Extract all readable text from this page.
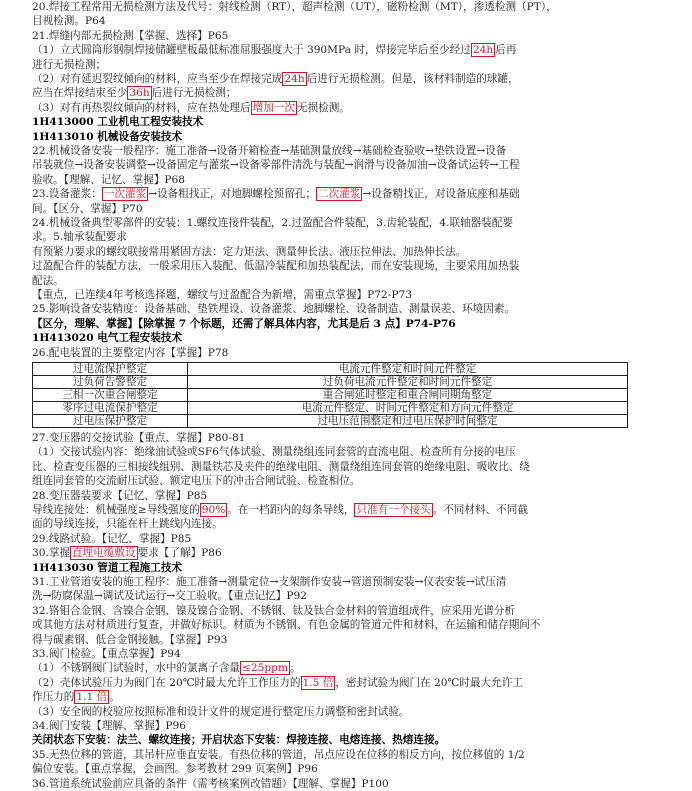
20.焊接工程常用无损检测方法及代号：射线检测（RT），超声检测（UT），磁粉检测（MT），渗透检测（PT），
目视检测。P64
21.焊缝内部无损检测【掌握、选择】P65
（1）立式圆筒形钢制焊接储罐壁板最低标准屈服强度大于 390MPa 时，焊接完毕后至少经过 24h 后再
进行无损检测；
（2）对有延迟裂纹倾向的材料，应当至少在焊接完成 24h 后进行无损检测。但是，该材料制造的球罐，
应当在焊接结束至少 36h 后进行无损检测；
（3）对有再热裂纹倾向的材料，应在热处理后 增加一次 无损检测。
1H413000 工业机电工程安装技术
1H413010 机械设备安装技术
22.机械设备安装一般程序：施工准备→设备开箱检查→基础测量放线→基础检查验收→垫铁设置→设备
吊装就位→设备安装调整→设备固定与灌浆→设备零部件清洗与装配→润滑与设备加油→设备试运转→工程
验收。【理解、记忆、掌握】P68
23.设备灌浆： 一次灌浆 →设备粗找正，对地脚螺栓预留孔； 二次灌浆 →设备精找正，对设备底座和基础
间。【区分、掌握】P70
24.机械设备典型零部件的安装：1.螺纹连接件装配，2.过盈配合件装配，3.齿轮装配，4.联轴器装配要
求。5.轴承装配要求
有预紧力要求的螺纹联接常用紧固方法：定力矩法、测量伸长法、液压拉伸法、加热伸长法。
过盈配合件的装配方法，一般采用压入装配、低温冷装配和加热装配法，而在安装现场，主要采用加热装
配法。
【重点，已连续4年考核选择题，螺纹与过盈配合为新增，需重点掌握】P72-P73
25.影响设备安装精度：设备基础、垫铁埋设、设备灌浆、地脚螺栓、设备制造、测量误差、环境因素。
【区分，理解、掌握】【除掌握 7 个标题，还需了解具体内容，尤其是后 3 点】P74-P76
1H413020 电气工程安装技术
26.配电装置的主要整定内容【掌握】P78
过电流保护整定	电流元件整定和时间元件整定
过负荷告警整定	过负荷电流元件整定和时间元件整定
三相一次重合闸整定	重合闸延时整定和重合闸同期角整定
零序过电流保护整定	电流元件整定、时间元件整定和方向元件整定
过电压保护整定	过电压范围整定和过电压保护时间整定
27.变压器的交接试验【重点、掌握】P80-81
（1）交接试验内容：绝缘油试验或SF6气体试验、测量绕组连同套管的直流电阻、检查所有分接的电压
比、检查变压器的三相接线组别、测量铁芯及夹件的绝缘电阻、测量绕组连同套管的绝缘电阻、吸收比、绕
组连同套管的交流耐压试验、额定电压下的冲击合闸试验、检查相位。
28.变压器装要求【记忆、掌握】P85
导线连接处：机械强度≥导线强度的 90% 。在一档距内的每条导线， 只准有一个接头 。不同材料、不同截
面的导线连接，只能在杆上跳线内连接。
29.线路试验。【记忆、掌握】P85
30.掌握 直埋电缆敷设 要求【了解】P86
1H413030 管道工程施工技术
31.工业管道安装的施工程序：施工准备→测量定位→支架制作安装→管道预制安装→仪表安装→试压清
洗→防腐保温→调试及试运行→交工验收。【重点记忆】P92
32.铬钼合金钢、含镍合金钢、镍及镍合金钢、不锈钢、钛及钛合金材料的管道组成件，应采用光谱分析
或其他方法对材质进行复查，并做好标识。材质为不锈钢、有色金属的管道元件和材料，在运输和储存期间不
得与碳素钢、低合金钢接触。【掌握】P93
33.阀门检验。【重点掌握】P94
（1）不锈钢阀门试验时，水中的氯离子含量 ≤25ppm 。
（2）壳体试验压力为阀门在 20℃时最大允许工作压力的 1.5 倍 ，密封试验为阀门在 20℃时最大允许工
作压力的 1.1 倍 。
（3）安全阀的校验应按照标准和设计文件的规定进行整定压力调整和密封试验。
34.阀门安装【理解、掌握】P96
关闭状态下安装：法兰、螺纹连接；开启状态下安装：焊接连接、电熔连接、热熔连接。
35.无热位移的管道，其吊杆应垂直安装。有热位移的管道，吊点应设在位移的相反方向，按位移值的 1/2
偏位安装。【重点掌握，会画图。参考教材 299 页案例】P96
36.管道系统试验前应具备的条件（需考核案例改错题）【理解、掌握】P100
